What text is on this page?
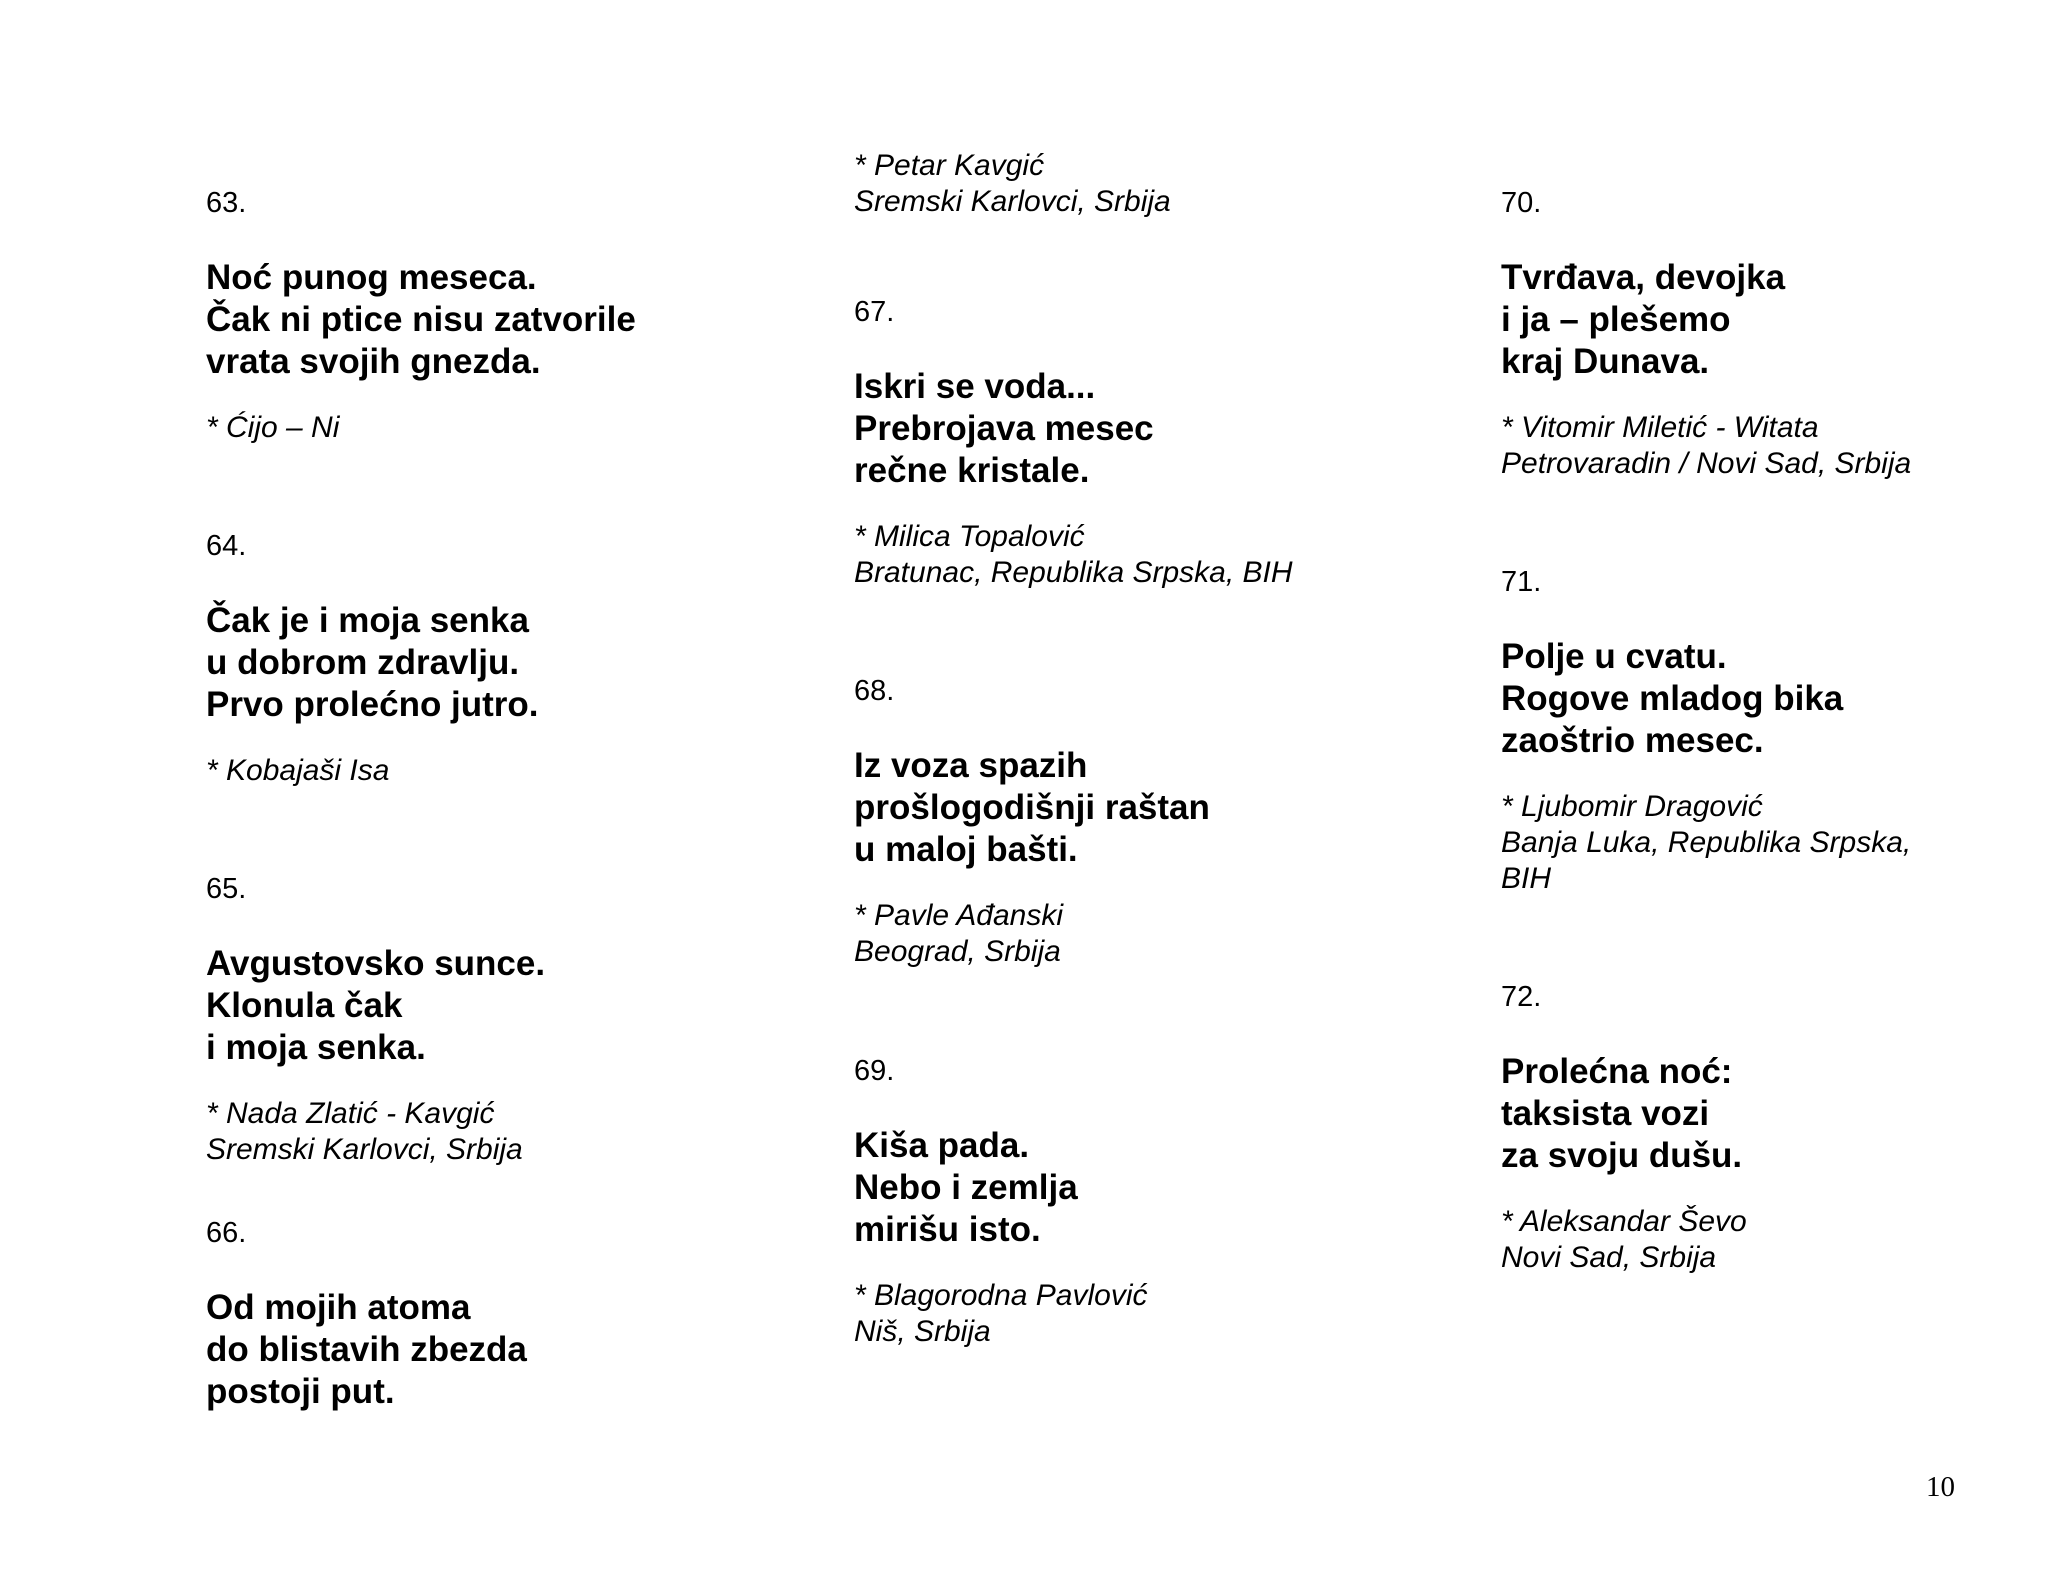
63.
Noć punog meseca.
Čak ni ptice nisu zatvorile
vrata svojih gnezda.
* Ćijo – Ni
64.
Čak je i moja senka
u dobrom zdravlju.
Prvo prolećno jutro.
* Kobajaši Isa
65.
Avgustovsko sunce.
Klonula čak
i moja senka.
* Nada Zlatić - Kavgić
Sremski Karlovci, Srbija
66.
Od mojih atoma
do blistavih zbezda
postoji put.
* Petar Kavgić
Sremski Karlovci, Srbija
67.
Iskri se voda...
Prebrojava mesec
rečne kristale.
* Milica Topalović
Bratunac, Republika Srpska, BIH
68.
Iz voza spazih
prošlogodišnji raštan
u maloj bašti.
* Pavle Ađanski
Beograd, Srbija
69.
Kiša pada.
Nebo i zemlja
mirišu isto.
* Blagorodna Pavlović
Niš, Srbija
70.
Tvrđava, devojka
i ja – plešemo
kraj Dunava.
* Vitomir Miletić - Witata
Petrovaradin / Novi Sad, Srbija
71.
Polje u cvatu.
Rogove mladog bika
zaoštrio mesec.
* Ljubomir Dragović
Banja Luka, Republika Srpska,
BIH
72.
Prolećna noć:
taksista vozi
za svoju dušu.
* Aleksandar Ševo
Novi Sad, Srbija
10
